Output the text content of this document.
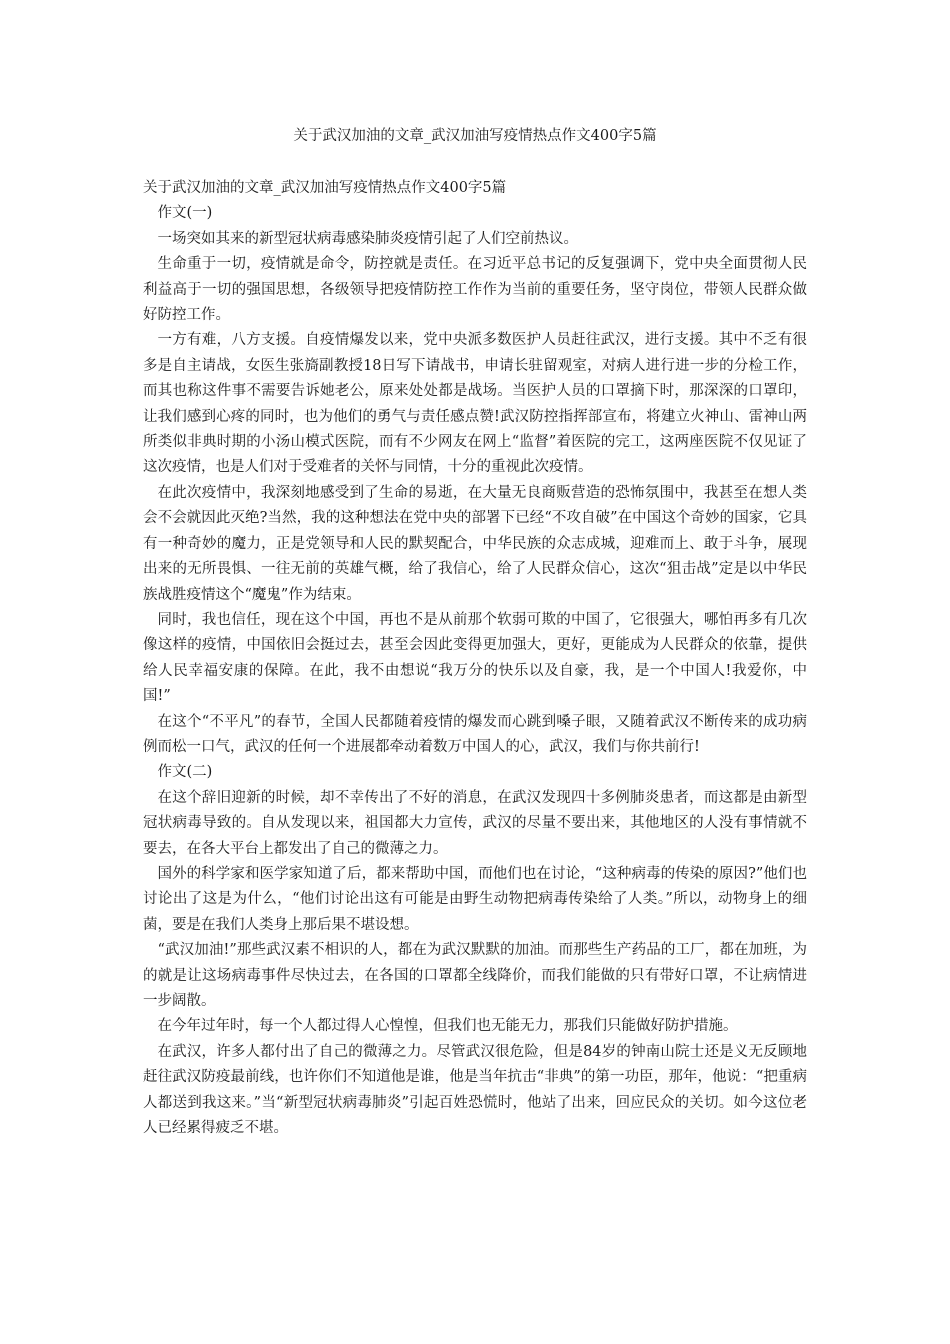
关于武汉加油的文章_武汉加油写疫情热点作文400字5篇

关于武汉加油的文章_武汉加油写疫情热点作文400字5篇

作文(一)

一场突如其来的新型冠状病毒感染肺炎疫情引起了人们空前热议。

生命重于一切，疫情就是命令，防控就是责任。在习近平总书记的反复强调下，党中央全面贯彻人民利益高于一切的强国思想，各级领导把疫情防控工作作为当前的重要任务，坚守岗位，带领人民群众做好防控工作。

一方有难，八方支援。自疫情爆发以来，党中央派多数医护人员赶往武汉，进行支援。其中不乏有很多是自主请战，女医生张旖副教授18日写下请战书，申请长驻留观室，对病人进行进一步的分检工作，而其也称这件事不需要告诉她老公，原来处处都是战场。当医护人员的口罩摘下时，那深深的口罩印，让我们感到心疼的同时，也为他们的勇气与责任感点赞!武汉防控指挥部宣布，将建立火神山、雷神山两所类似非典时期的小汤山模式医院，而有不少网友在网上“监督”着医院的完工，这两座医院不仅见证了这次疫情，也是人们对于受难者的关怀与同情，十分的重视此次疫情。

在此次疫情中，我深刻地感受到了生命的易逝，在大量无良商贩营造的恐怖氛围中，我甚至在想人类会不会就因此灭绝?当然，我的这种想法在党中央的部署下已经“不攻自破”在中国这个奇妙的国家，它具有一种奇妙的魔力，正是党领导和人民的默契配合，中华民族的众志成城，迎难而上、敢于斗争，展现出来的无所畏惧、一往无前的英雄气概，给了我信心，给了人民群众信心，这次“狙击战”定是以中华民族战胜疫情这个“魔鬼”作为结束。

同时，我也信任，现在这个中国，再也不是从前那个软弱可欺的中国了，它很强大，哪怕再多有几次像这样的疫情，中国依旧会挺过去，甚至会因此变得更加强大，更好，更能成为人民群众的依靠，提供给人民幸福安康的保障。在此，我不由想说“我万分的快乐以及自豪，我，是一个中国人!我爱你，中国!”

在这个“不平凡”的春节，全国人民都随着疫情的爆发而心跳到嗓子眼，又随着武汉不断传来的成功病例而松一口气，武汉的任何一个进展都牵动着数万中国人的心，武汉，我们与你共前行!

作文(二)

在这个辞旧迎新的时候，却不幸传出了不好的消息，在武汉发现四十多例肺炎患者，而这都是由新型冠状病毒导致的。自从发现以来，祖国都大力宣传，武汉的尽量不要出来，其他地区的人没有事情就不要去，在各大平台上都发出了自己的微薄之力。

国外的科学家和医学家知道了后，都来帮助中国，而他们也在讨论，“这种病毒的传染的原因?”他们也讨论出了这是为什么，“他们讨论出这有可能是由野生动物把病毒传染给了人类。”所以，动物身上的细菌，要是在我们人类身上那后果不堪设想。

“武汉加油!”那些武汉素不相识的人，都在为武汉默默的加油。而那些生产药品的工厂，都在加班，为的就是让这场病毒事件尽快过去，在各国的口罩都全线降价，而我们能做的只有带好口罩，不让病情进一步阔散。

在今年过年时，每一个人都过得人心惶惶，但我们也无能无力，那我们只能做好防护措施。

在武汉，许多人都付出了自己的微薄之力。尽管武汉很危险，但是84岁的钟南山院士还是义无反顾地赶往武汉防疫最前线，也许你们不知道他是谁，他是当年抗击“非典”的第一功臣，那年，他说：“把重病人都送到我这来。”当“新型冠状病毒肺炎”引起百姓恐慌时，他站了出来，回应民众的关切。如今这位老人已经累得疲乏不堪。
